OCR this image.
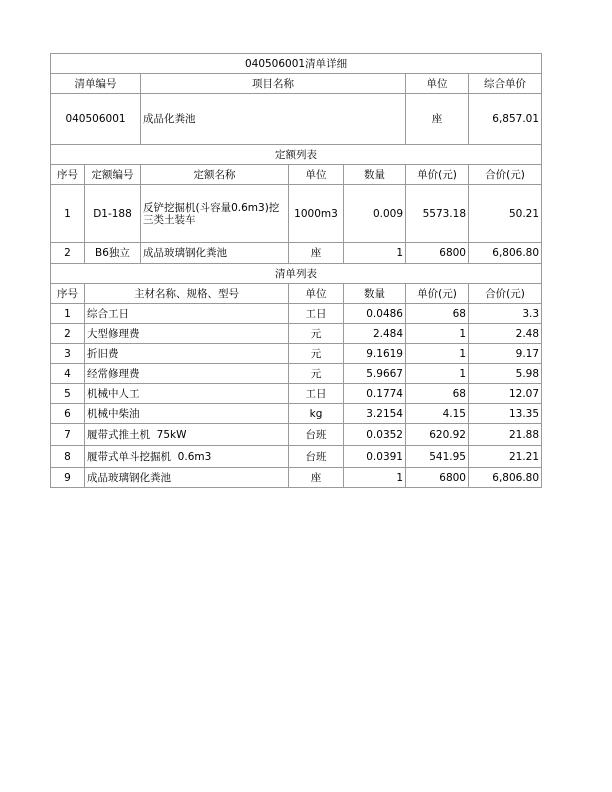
040506001清单详细						
清单编号		项目名称			单位	综合单价
040506001		成品化粪池			座	6,857.01
定额列表						
序号	定额编号	定额名称	单位	数量	单价(元)	合价(元)
1	D1-188	反铲挖掘机(斗容量0.6m3)挖三类土装车	1000m3	0.009	5573.18	50.21
2	B6独立	成品玻璃钢化粪池	座	1	6800	6,806.80
清单列表						
序号	主材名称、规格、型号		单位	数量	单价(元)	合价(元)
1	综合工日		工日	0.0486	68	3.3
2	大型修理费		元	2.484	1	2.48
3	折旧费		元	9.1619	1	9.17
4	经常修理费		元	5.9667	1	5.98
5	机械中人工		工日	0.1774	68	12.07
6	机械中柴油		kg	3.2154	4.15	13.35
7	履带式推土机  75kW		台班	0.0352	620.92	21.88
8	履带式单斗挖掘机  0.6m3		台班	0.0391	541.95	21.21
9	成品玻璃钢化粪池		座	1	6800	6,806.80
